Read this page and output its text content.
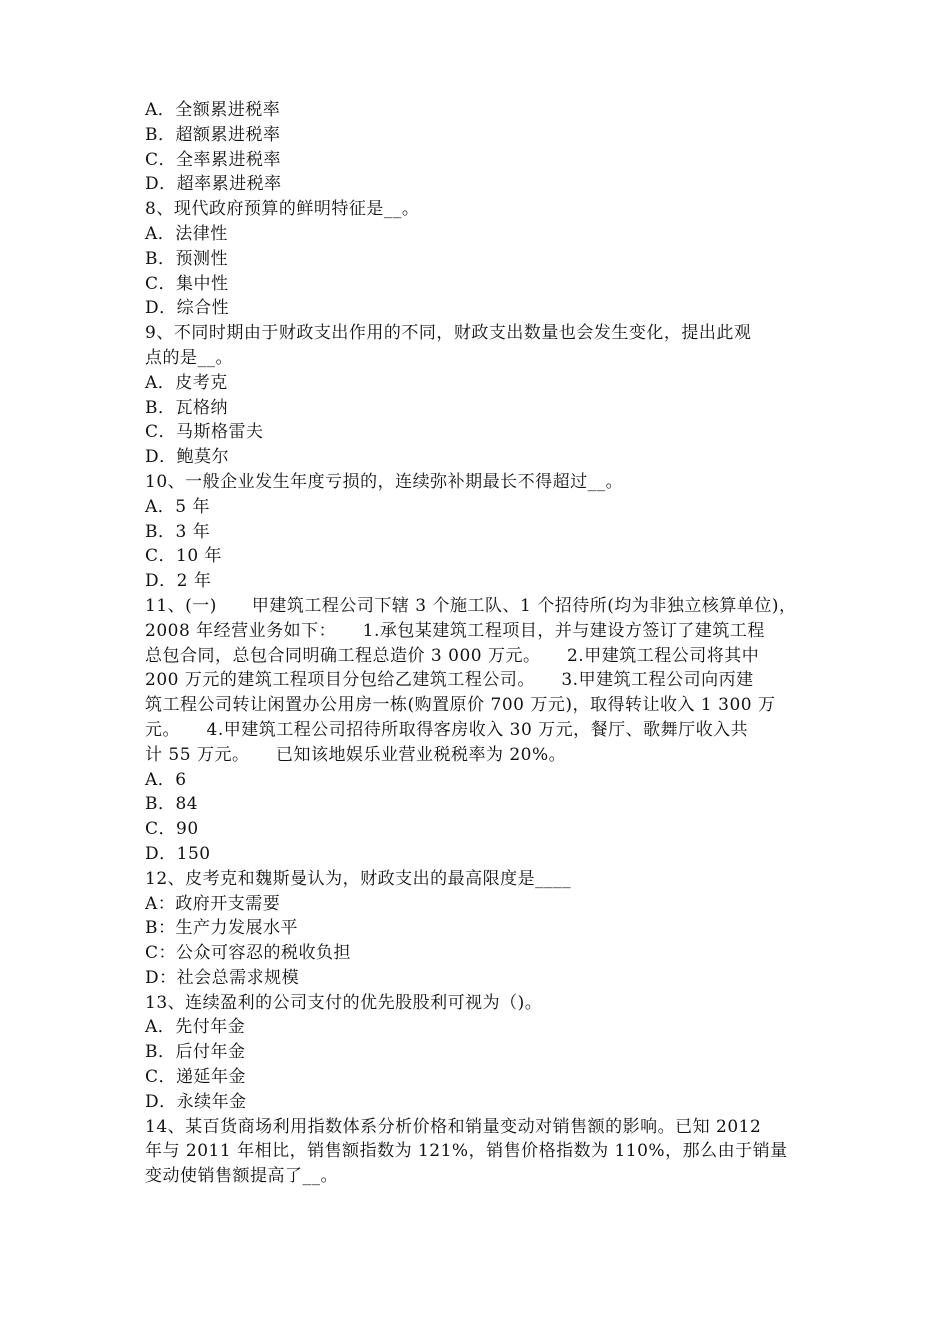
A．全额累进税率
B．超额累进税率
C．全率累进税率
D．超率累进税率
8、现代政府预算的鲜明特征是__。
A．法律性
B．预测性
C．集中性
D．综合性
9、不同时期由于财政支出作用的不同，财政支出数量也会发生变化，提出此观
点的是__。
A．皮考克
B．瓦格纳
C．马斯格雷夫
D．鲍莫尔
10、一般企业发生年度亏损的，连续弥补期最长不得超过__。
A．5 年
B．3 年
C．10 年
D．2 年
11、(一)　　甲建筑工程公司下辖 3 个施工队、1 个招待所(均为非独立核算单位)，
2008 年经营业务如下：　　1.承包某建筑工程项目，并与建设方签订了建筑工程
总包合同，总包合同明确工程总造价 3 000 万元。　　2.甲建筑工程公司将其中
200 万元的建筑工程项目分包给乙建筑工程公司。　　3.甲建筑工程公司向丙建
筑工程公司转让闲置办公用房一栋(购置原价 700 万元)，取得转让收入 1 300 万
元。　　4.甲建筑工程公司招待所取得客房收入 30 万元，餐厅、歌舞厅收入共
计 55 万元。　　已知该地娱乐业营业税税率为 20%。
A．6
B．84
C．90
D．150
12、皮考克和魏斯曼认为，财政支出的最高限度是____
A：政府开支需要
B：生产力发展水平
C：公众可容忍的税收负担
D：社会总需求规模
13、连续盈利的公司支付的优先股股利可视为（)。
A．先付年金
B．后付年金
C．递延年金
D．永续年金
14、某百货商场利用指数体系分析价格和销量变动对销售额的影响。已知 2012
年与 2011 年相比，销售额指数为 121%，销售价格指数为 110%，那么由于销量
变动使销售额提高了__。
